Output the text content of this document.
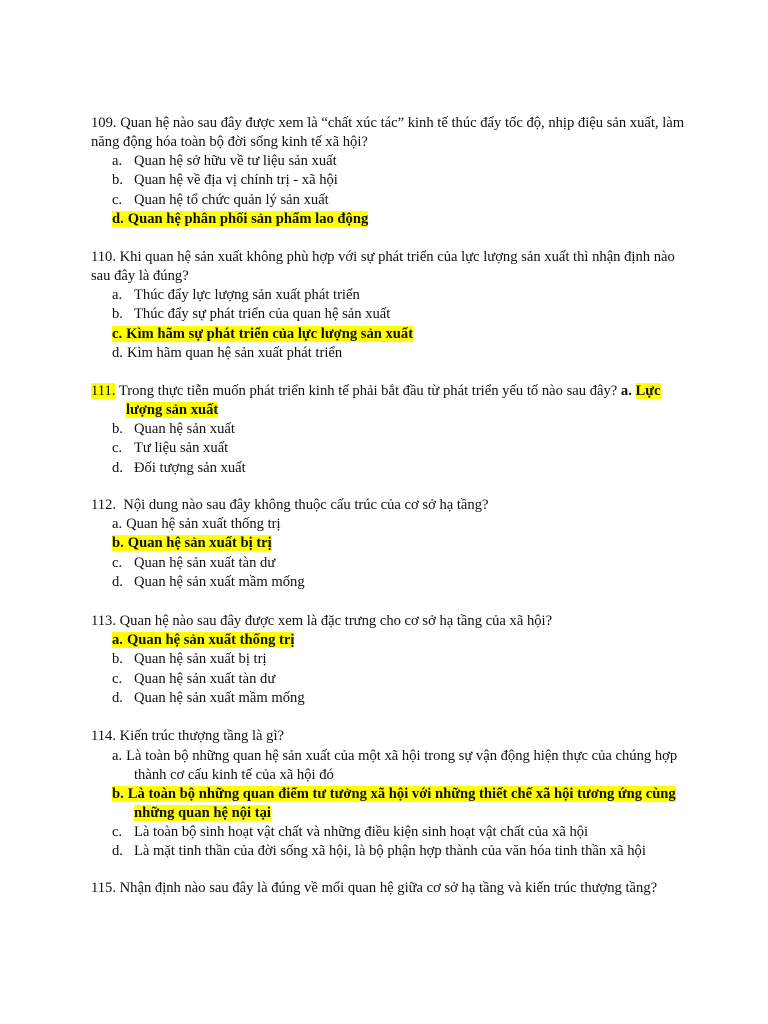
109. Quan hệ nào sau đây được xem là “chất xúc tác” kinh tế thúc đẩy tốc độ, nhịp điệu sản xuất, làm năng động hóa toàn bộ đời sống kinh tế xã hội?

a. Quan hệ sở hữu về tư liệu sản xuất
b. Quan hệ về địa vị chính trị - xã hội
c. Quan hệ tổ chức quản lý sản xuất
d. Quan hệ phân phối sản phẩm lao động

110. Khi quan hệ sản xuất không phù hợp với sự phát triển của lực lượng sản xuất thì nhận định nào sau đây là đúng?

a. Thúc đẩy lực lượng sản xuất phát triển
b. Thúc đẩy sự phát triển của quan hệ sản xuất
c. Kìm hãm sự phát triển của lực lượng sản xuất
d. Kìm hãm quan hệ sản xuất phát triển

111. Trong thực tiễn muốn phát triển kinh tế phải bắt đầu từ phát triển yếu tố nào sau đây? a. Lực lượng sản xuất

b. Quan hệ sản xuất
c. Tư liệu sản xuất
d. Đối tượng sản xuất

112.  Nội dung nào sau đây không thuộc cấu trúc của cơ sở hạ tầng?

a. Quan hệ sản xuất thống trị
b. Quan hệ sản xuất bị trị
c. Quan hệ sản xuất tàn dư
d. Quan hệ sản xuất mầm mống

113. Quan hệ nào sau đây được xem là đặc trưng cho cơ sở hạ tầng của xã hội?

a. Quan hệ sản xuất thống trị
b. Quan hệ sản xuất bị trị
c. Quan hệ sản xuất tàn dư
d. Quan hệ sản xuất mầm mống

114. Kiến trúc thượng tầng là gì?

a. Là toàn bộ những quan hệ sản xuất của một xã hội trong sự vận động hiện thực của chúng hợp thành cơ cấu kinh tế của xã hội đó
b. Là toàn bộ những quan điểm tư tưởng xã hội với những thiết chế xã hội tương ứng cùng những quan hệ nội tại
c. Là toàn bộ sinh hoạt vật chất và những điều kiện sinh hoạt vật chất của xã hội
d. Là mặt tinh thần của đời sống xã hội, là bộ phận hợp thành của văn hóa tinh thần xã hội

115. Nhận định nào sau đây là đúng về mối quan hệ giữa cơ sở hạ tầng và kiến trúc thượng tầng?
